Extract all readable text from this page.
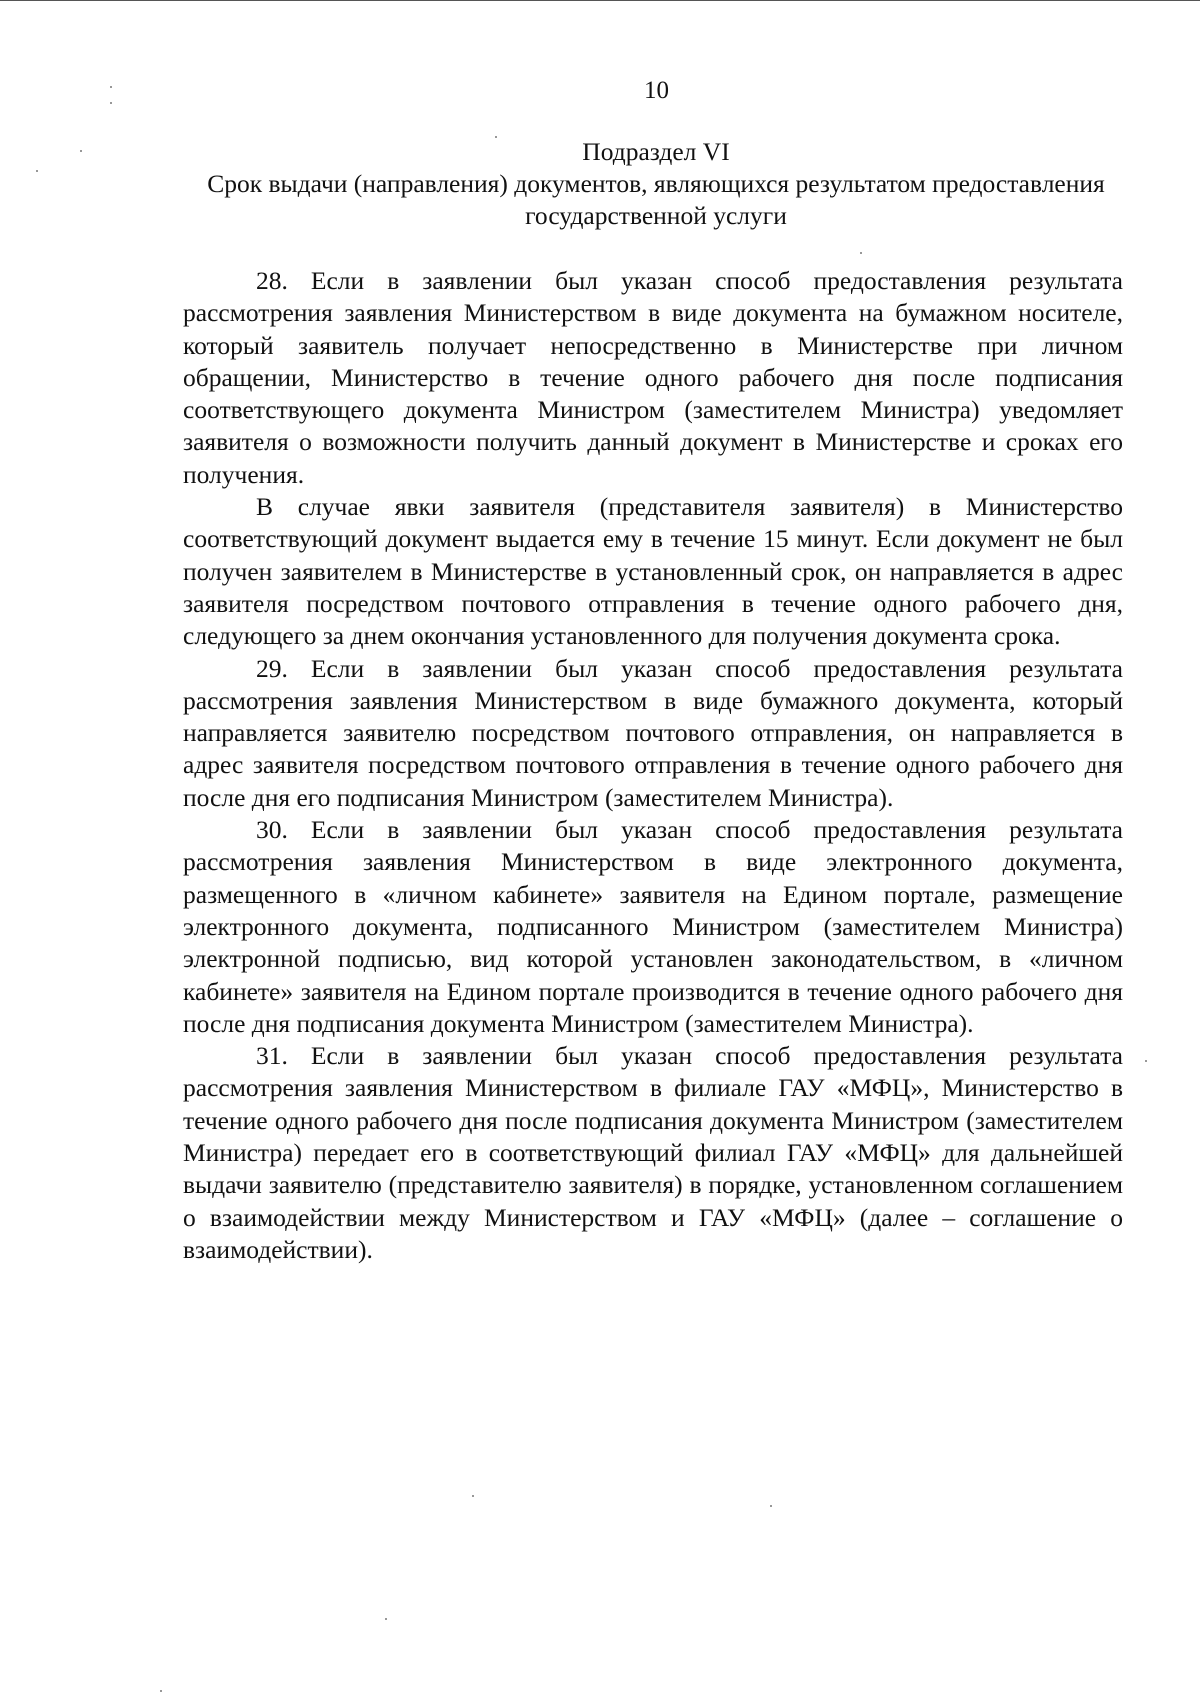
10
Подраздел VI
Срок выдачи (направления) документов, являющихся результатом предоставления государственной услуги

28. Если в заявлении был указан способ предоставления результата рассмотрения заявления Министерством в виде документа на бумажном носителе, который заявитель получает непосредственно в Министерстве при личном обращении, Министерство в течение одного рабочего дня после подписания соответствующего документа Министром (заместителем Министра) уведомляет заявителя о возможности получить данный документ в Министерстве и сроках его получения.

В случае явки заявителя (представителя заявителя) в Министерство соответствующий документ выдается ему в течение 15 минут. Если документ не был получен заявителем в Министерстве в установленный срок, он направляется в адрес заявителя посредством почтового отправления в течение одного рабочего дня, следующего за днем окончания установленного для получения документа срока.

29. Если в заявлении был указан способ предоставления результата рассмотрения заявления Министерством в виде бумажного документа, который направляется заявителю посредством почтового отправления, он направляется в адрес заявителя посредством почтового отправления в течение одного рабочего дня после дня его подписания Министром (заместителем Министра).

30. Если в заявлении был указан способ предоставления результата рассмотрения заявления Министерством в виде электронного документа, размещенного в «личном кабинете» заявителя на Едином портале, размещение электронного документа, подписанного Министром (заместителем Министра) электронной подписью, вид которой установлен законодательством, в «личном кабинете» заявителя на Едином портале производится в течение одного рабочего дня после дня подписания документа Министром (заместителем Министра).

31. Если в заявлении был указан способ предоставления результата рассмотрения заявления Министерством в филиале ГАУ «МФЦ», Министерство в течение одного рабочего дня после подписания документа Министром (заместителем Министра) передает его в соответствующий филиал ГАУ «МФЦ» для дальнейшей выдачи заявителю (представителю заявителя) в порядке, установленном соглашением о взаимодействии между Министерством и ГАУ «МФЦ» (далее – соглашение о взаимодействии).
